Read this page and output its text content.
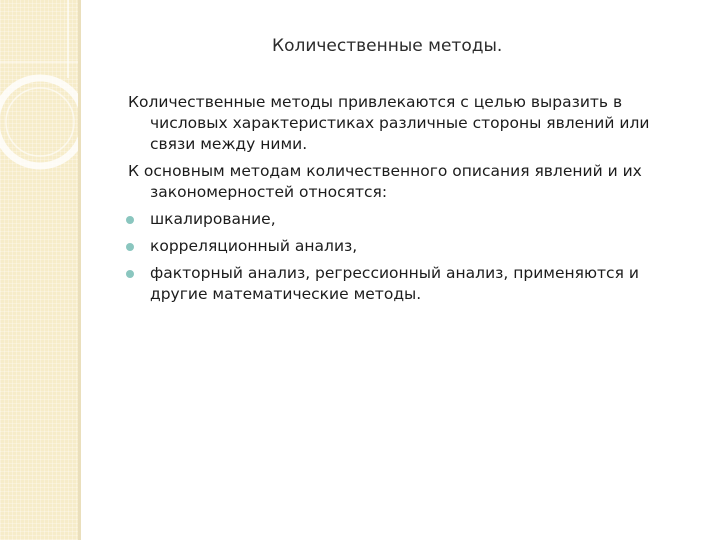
Количественные методы.

Количественные методы привлекаются с целью выразить в числовых характеристиках различные стороны явлений или связи между ними.

К основным методам количественного описания явлений и их закономерностей относятся:

шкалирование,
корреляционный анализ,
факторный анализ, регрессионный анализ, применяются и другие математические методы.
